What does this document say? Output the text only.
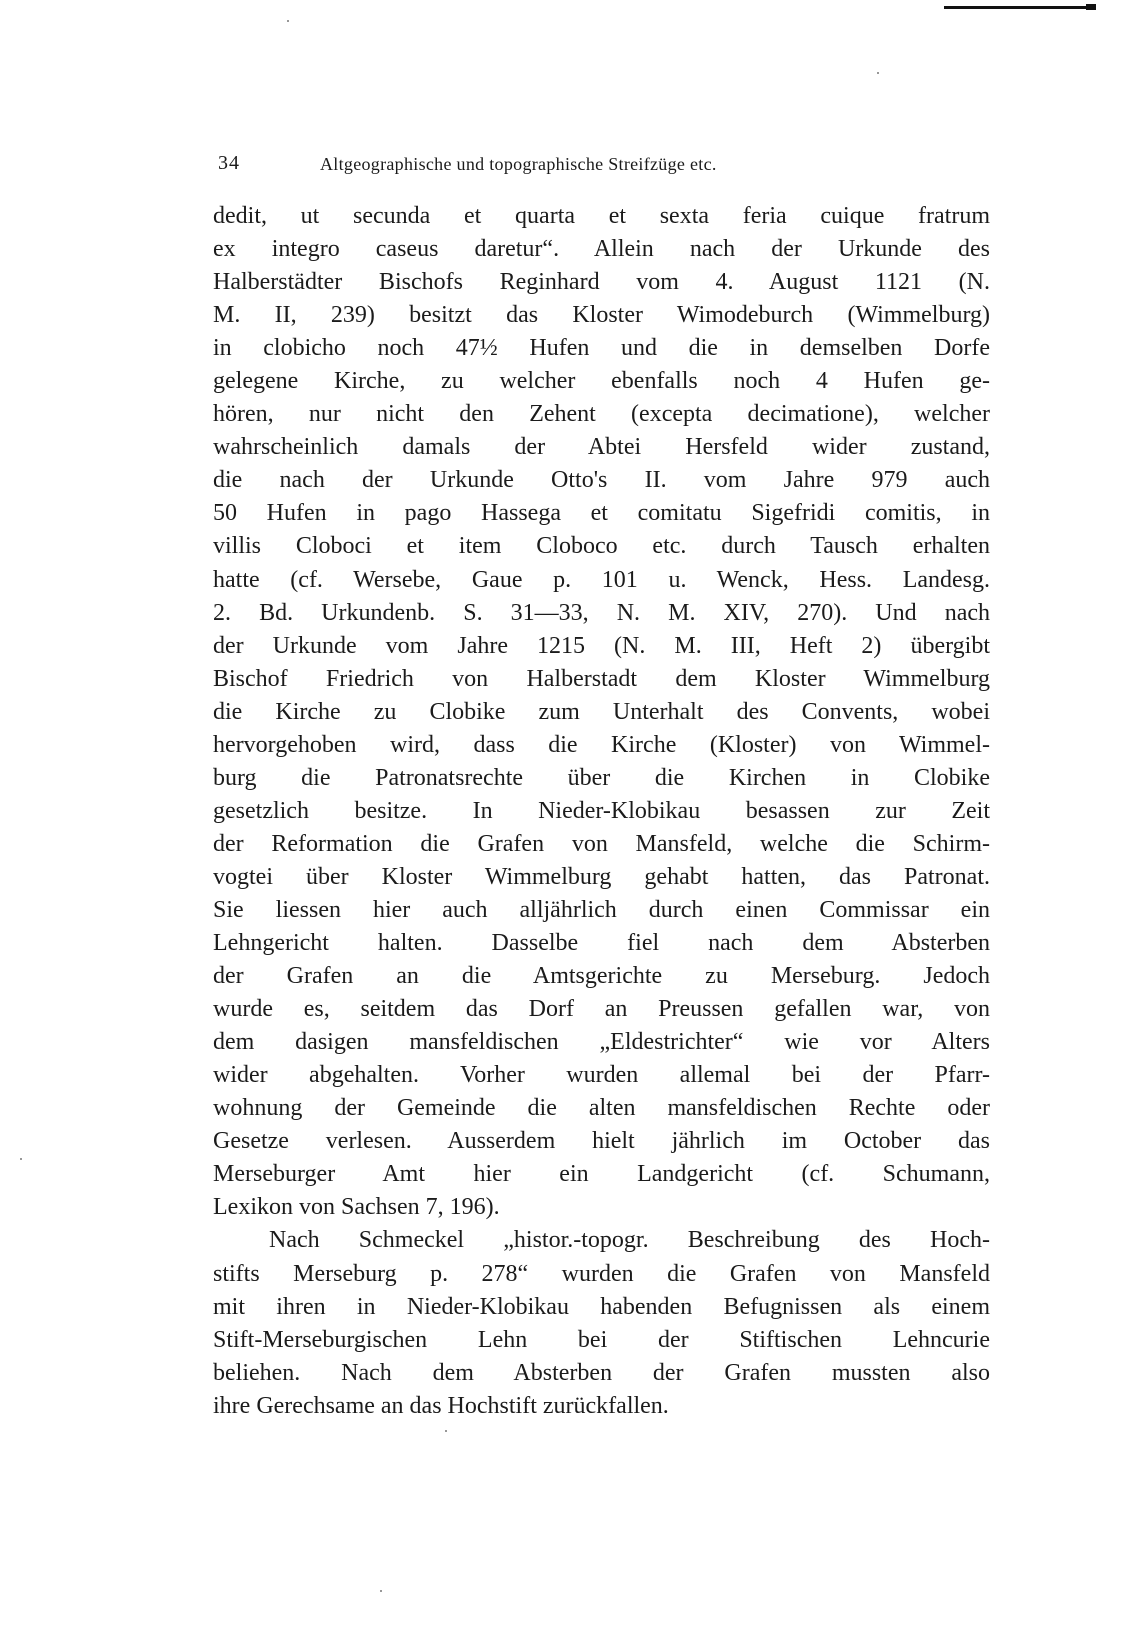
34	Altgeographische und topographische Streifzüge etc.
dedit, ut secunda et quarta et sexta feria cuique fratrum
ex integro caseus daretur“. Allein nach der Urkunde des
Halberstädter Bischofs Reginhard vom 4. August 1121 (N.
M. II, 239) besitzt das Kloster Wimodeburch (Wimmelburg)
in clobicho noch 47½ Hufen und die in demselben Dorfe
gelegene Kirche, zu welcher ebenfalls noch 4 Hufen ge-
hören, nur nicht den Zehent (excepta decimatione), welcher
wahrscheinlich damals der Abtei Hersfeld wider zustand,
die nach der Urkunde Otto's II. vom Jahre 979 auch
50 Hufen in pago Hassega et comitatu Sigefridi comitis, in
villis Cloboci et item Cloboco etc. durch Tausch erhalten
hatte (cf. Wersebe, Gaue p. 101 u. Wenck, Hess. Landesg.
2. Bd. Urkundenb. S. 31—33, N. M. XIV, 270). Und nach
der Urkunde vom Jahre 1215 (N. M. III, Heft 2) übergibt
Bischof Friedrich von Halberstadt dem Kloster Wimmelburg
die Kirche zu Clobike zum Unterhalt des Convents, wobei
hervorgehoben wird, dass die Kirche (Kloster) von Wimmel-
burg die Patronatsrechte über die Kirchen in Clobike
gesetzlich besitze. In Nieder-Klobikau besassen zur Zeit
der Reformation die Grafen von Mansfeld, welche die Schirm-
vogtei über Kloster Wimmelburg gehabt hatten, das Patronat.
Sie liessen hier auch alljährlich durch einen Commissar ein
Lehngericht halten. Dasselbe fiel nach dem Absterben
der Grafen an die Amtsgerichte zu Merseburg. Jedoch
wurde es, seitdem das Dorf an Preussen gefallen war, von
dem dasigen mansfeldischen „Eldestrichter“ wie vor Alters
wider abgehalten. Vorher wurden allemal bei der Pfarr-
wohnung der Gemeinde die alten mansfeldischen Rechte oder
Gesetze verlesen. Ausserdem hielt jährlich im October das
Merseburger Amt hier ein Landgericht (cf. Schumann,
Lexikon von Sachsen 7, 196).
Nach Schmeckel „histor.-topogr. Beschreibung des Hoch-
stifts Merseburg p. 278“ wurden die Grafen von Mansfeld
mit ihren in Nieder-Klobikau habenden Befugnissen als einem
Stift-Merseburgischen Lehn bei der Stiftischen Lehncurie
beliehen. Nach dem Absterben der Grafen mussten also
ihre Gerechsame an das Hochstift zurückfallen.
